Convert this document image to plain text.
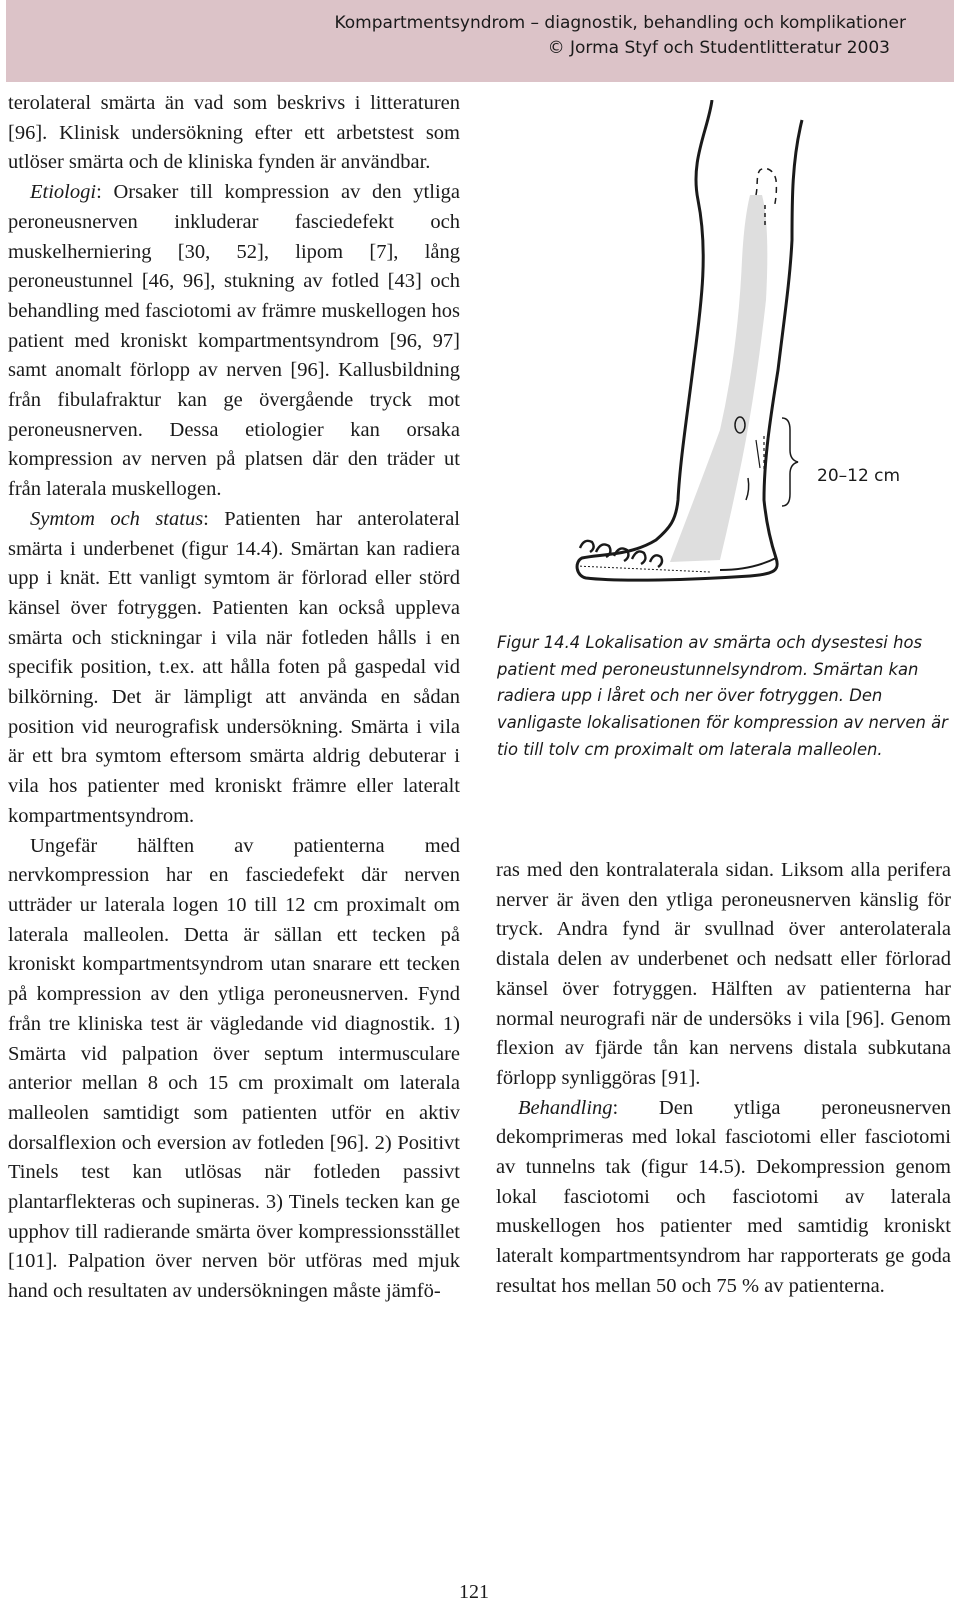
Kompartmentsyndrom – diagnostik, behandling och komplikationer
© Jorma Styf och Studentlitteratur 2003

terolateral smärta än vad som beskrivs i litteraturen [96]. Klinisk undersökning efter ett arbetstest som utlöser smärta och de kliniska fynden är användbar.

Etiologi: Orsaker till kompression av den ytliga peroneusnerven inkluderar fasciedefekt och muskelherniering [30, 52], lipom [7], lång peroneustunnel [46, 96], stukning av fotled [43] och behandling med fasciotomi av främre muskellogen hos patient med kroniskt kompartmentsyndrom [96, 97] samt anomalt förlopp av nerven [96]. Kallusbildning från fibulafraktur kan ge övergående tryck mot peroneusnerven. Dessa etiologier kan orsaka kompression av nerven på platsen där den träder ut från laterala muskellogen.

Symtom och status: Patienten har anterolateral smärta i underbenet (figur 14.4). Smärtan kan radiera upp i knät. Ett vanligt symtom är förlorad eller störd känsel över fotryggen. Patienten kan också uppleva smärta och stickningar i vila när fotleden hålls i en specifik position, t.ex. att hålla foten på gaspedal vid bilkörning. Det är lämpligt att använda en sådan position vid neurografisk undersökning. Smärta i vila är ett bra symtom eftersom smärta aldrig debuterar i vila hos patienter med kroniskt främre eller lateralt kompartmentsyndrom.

Ungefär hälften av patienterna med nervkompression har en fasciedefekt där nerven utträder ur laterala logen 10 till 12 cm proximalt om laterala malleolen. Detta är sällan ett tecken på kroniskt kompartmentsyndrom utan snarare ett tecken på kompression av den ytliga peroneusnerven. Fynd från tre kliniska test är vägledande vid diagnostik. 1) Smärta vid palpation över septum intermusculare anterior mellan 8 och 15 cm proximalt om laterala malleolen samtidigt som patienten utför en aktiv dorsalflexion och eversion av fotleden [96]. 2) Positivt Tinels test kan utlösas när fotleden passivt plantarflekteras och supineras. 3) Tinels tecken kan ge upphov till radierande smärta över kompressionsstället [101]. Palpation över nerven bör utföras med mjuk hand och resultaten av undersökningen måste jämfö-

20–12 cm
Figur 14.4 Lokalisation av smärta och dysestesi hos patient med peroneustunnelsyndrom. Smärtan kan radiera upp i låret och ner över fotryggen. Den vanligaste lokalisationen för kompression av nerven är tio till tolv cm proximalt om laterala malleolen.

ras med den kontralaterala sidan. Liksom alla perifera nerver är även den ytliga peroneusnerven känslig för tryck. Andra fynd är svullnad över anterolaterala distala delen av underbenet och nedsatt eller förlorad känsel över fotryggen. Hälften av patienterna har normal neurografi när de undersöks i vila [96]. Genom flexion av fjärde tån kan nervens distala subkutana förlopp synliggöras [91].

Behandling: Den ytliga peroneusnerven dekomprimeras med lokal fasciotomi eller fasciotomi av tunnelns tak (figur 14.5). Dekompression genom lokal fasciotomi och fasciotomi av laterala muskellogen hos patienter med samtidig kroniskt lateralt kompartmentsyndrom har rapporterats ge goda resultat hos mellan 50 och 75 % av patienterna.

121
